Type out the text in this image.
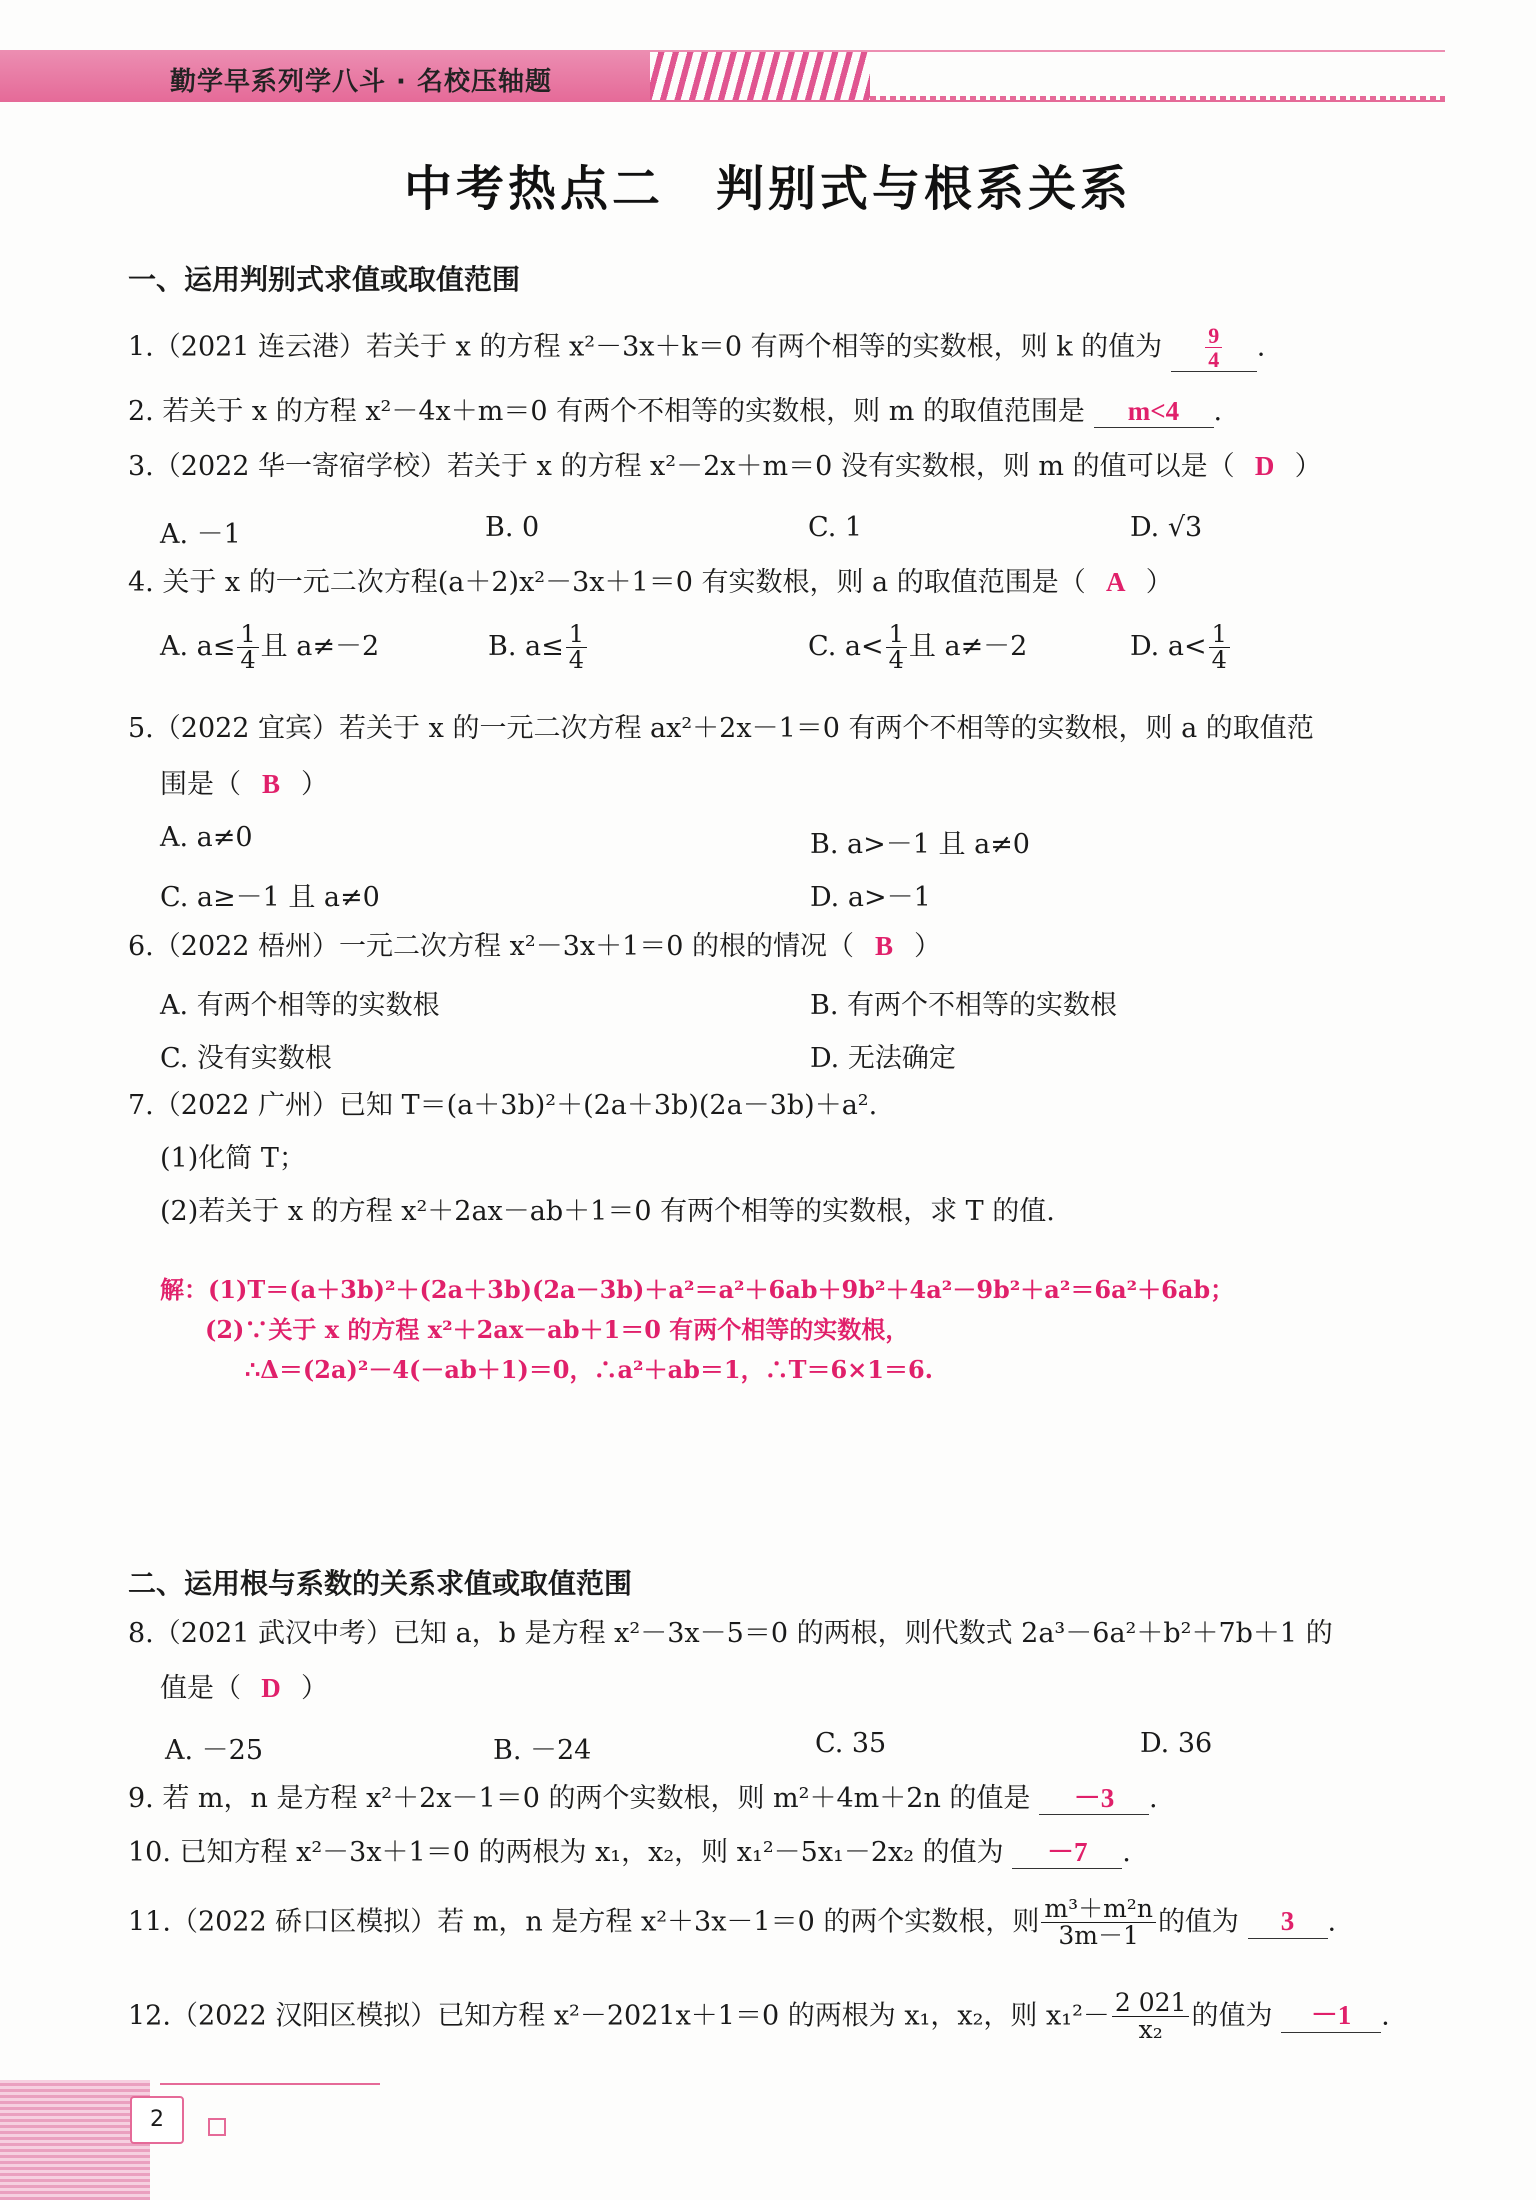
勤学早系列学八斗 · 名校压轴题
中考热点二　判别式与根系关系
一、运用判别式求值或取值范围
1.（2021 连云港）若关于 x 的方程 x²－3x＋k＝0 有两个相等的实数根，则 k 的值为 $\frac{9}{4}$ .
2. 若关于 x 的方程 x²－4x＋m＝0 有两个不相等的实数根，则 m 的取值范围是 m<4 .
3.（2022 华一寄宿学校）若关于 x 的方程 x²－2x＋m＝0 没有实数根，则 m 的值可以是（ D ）
A. －1	B. 0	C. 1	D. √3
4. 关于 x 的一元二次方程(a＋2)x²－3x＋1＝0 有实数根，则 a 的取值范围是（ A ）
A. $a\le \frac{1}{4}$ 且 a≠－2	B. $a\le \frac{1}{4}$	C. $a< \frac{1}{4}$ 且 a≠－2	D. $a< \frac{1}{4}$
5.（2022 宜宾）若关于 x 的一元二次方程 ax²＋2x－1＝0 有两个不相等的实数根，则 a 的取值范
围是（ B ）
A. a≠0	B. a>－1 且 a≠0
C. a≥－1 且 a≠0	D. a>－1
6.（2022 梧州）一元二次方程 x²－3x＋1＝0 的根的情况（ B ）
A. 有两个相等的实数根	B. 有两个不相等的实数根
C. 没有实数根	D. 无法确定
7.（2022 广州）已知 T＝(a＋3b)²＋(2a＋3b)(2a－3b)＋a².
(1)化简 T；
(2)若关于 x 的方程 x²＋2ax－ab＋1＝0 有两个相等的实数根，求 T 的值.
解：(1)T＝(a＋3b)²＋(2a＋3b)(2a－3b)＋a²＝a²＋6ab＋9b²＋4a²－9b²＋a²＝6a²＋6ab；
(2)∵关于 x 的方程 x²＋2ax－ab＋1＝0 有两个相等的实数根，
∴Δ＝(2a)²－4(－ab＋1)＝0，∴a²＋ab＝1，∴T＝6×1＝6.
二、运用根与系数的关系求值或取值范围
8.（2021 武汉中考）已知 a，b 是方程 x²－3x－5＝0 的两根，则代数式 2a³－6a²＋b²＋7b＋1 的
值是（ D ）
A. －25	B. －24	C. 35	D. 36
9. 若 m，n 是方程 x²＋2x－1＝0 的两个实数根，则 m²＋4m＋2n 的值是 －3 .
10. 已知方程 x²－3x＋1＝0 的两根为 x₁，x₂，则 x₁²－5x₁－2x₂ 的值为 －7 .
11.（2022 硚口区模拟）若 m，n 是方程 x²＋3x－1＝0 的两个实数根，则 $\frac{\text{m³＋m²n}}{3m-1}$ 的值为 3 .
12.（2022 汉阳区模拟）已知方程 x²－2021x＋1＝0 的两根为 x₁，x₂，则 $x_1^2- \frac{2 021}{\text{x₂}}$ 的值为 －1 .
2
